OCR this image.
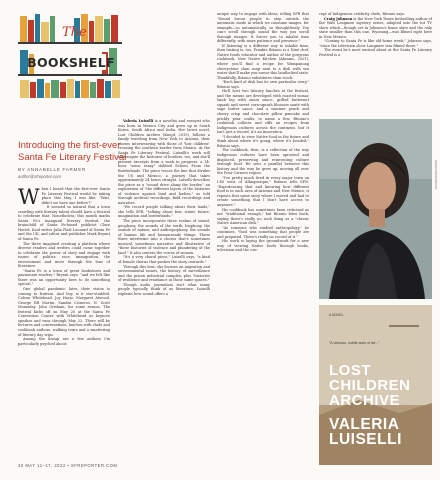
The
BOOKSHELF
Introducing the first-ever Santa Fe Literary Festival
BY ANNABELLE FARMER
author@sfreporter.com

When I heard that the first-ever Santa Fe Literary Festival would be taking place this May, I was like, "Wait, didn't we have one before?"

It seemed so natural that a town crawling with literary talent should have a festival to celebrate that. Nonetheless, this month marks Santa Fe's inaugural literary festival, the brainchild of Santa Fe-based publicist Clare Hertel, food writer Julia Platt Leonard of Santa Fe and the UK, and editor and publisher Mark Bryant of Santa Fe.

The three imagined creating a platform where diverse readers and writers could come together to celebrate the power of story and engage with issues of politics, race, immigration, the environment and more through the lens of literature.

"Santa Fe is a town of great bookstores and passionate readers," Bryant says, "and we felt like there was an opportunity here to do something special."

One global pandemic later, their vision is coming to fruition. And boy, is it star-studded. Colson Whitehead. Joy Harjo. Margaret Atwood. George RR Martin. Sandra Cisneros. N. Scott Momaday. John Grisham, for some reason. The festival kicks off on May 20 at the Santa Fe Convention Center with Whitehead as keynote speaker and runs through May 22. There will be lectures and conversations, lunches with chefs and cookbook authors, walking tours and a smattering of literary day trips.

Among the lineup are a few authors I'm particularly psyched about:

Valeria Luiselli is a novelist and essayist who was born in Mexico City and grew up in South Korea, South Africa and India. Her latest novel, Lost Children Archive (Knopf, 2019), follows a family traveling from New York to Arizona, their stories interweaving with those of "lost children" crossing the southern border from Mexico. At the Santa Fe Literary Festival, Luiselli's work will interrogate the histories of borders, too, and she'll present excerpts from a work in progress: a 24-hour "sonic essay" dubbed Echoes From the Borderlands. The piece traces the line that divides the US and Mexico, a journey that takes approximately 24 hours straight. Luiselli describes the piece as a "sound drive along the border," an exploration of "the different layers of the histories of violence against land and bodies," as told through archival recordings, field recordings and narrative.

"We record people talking about their lands," she tells SFR, "talking about fear, water, future, imagination and borderlands."

The piece incorporates three realms of sound: geophony, the sounds of the earth; biophony, the sounds of nature; and anthropophony, the sounds of human life and human-made things. These three intertwine into a chorus that's sometimes musical, sometimes narrative and illustrative of "these histories of violence and plundering of the land." It also centers the voices of women.

"It's a very choral piece," Luiselli says, "a kind of female chorus that pushes the story onwards."

Through this lens, she focuses on migration and environmental issues, the history of surveillance and the prison industrial complex, plus "histories of resilience and resistance in those same spaces."

Though audio journalism isn't what many people typically think of as literature, Luiselli explains how sound offers a

unique way to engage with ideas, telling SFR that "Sound forces people to step outside the automatic mode in which we consume images, for example—so automatically, so thoughtlessly. You can't scroll through sound the way you scroll through images. It forces you to inhabit time differently, with more patience and presence."

If listening is a different way to inhabit time, then tasting is, too. Frankie Bitonio is a Diné chef, Native foods educator and author of the gorgeous cookbook, New Native Kitchen (Abrams, 2021), where you'll find a recipe for Wampanoag cherrystone clam soup next to a dish with sea water that'll make you swear this landlocked state. Thankfully, Bitonio substitutes clam stock.

"Each kind of dish has its own particular story," Bitonio says.

He'll host two literary lunches at the festival, and the menus are developed with roasted sumac lamb leg with onion sauce, grilled butternut squash and sweet corn-squash blossom sauté with sage butter sauce, and a summer peach and cherry crisp and chocolate pillow pancake and prickly pear coulis, to name a few. Bitonio's cookbook collects and riffs on recipes from Indigenous cultures across the continent, but it isn't just a record, it's an innovation.

"I decided to view Native food in the future and think about where it's going, where it's headed," Bitonio says.

The cookbook, then, is a reflection of the way Indigenous cultures have been uprooted and displaced, preserving and reinventing culture through food. He sees a parallel between this history and the way he grew up, moving all over the Four Corners region.

"I've pretty much lived in every major town on I-40 west of Albuquerque," Bitonio tells SFR. "Experiencing that and knowing how different food is in each area of Arizona and New Mexico, it repeats that same story where I moved and had to create something that I don't have access to anymore."

His cookbook has sometimes been criticized as not "traditional enough," but Bitonio bites back, saying there's really no such thing as a "classic Native American dish."

"As someone who studied anthropology," he continues, "food was something that people ate and prepared. There's really no record of it."

His work is laying the groundwork for a new way of viewing Native foods through books, television and the con-

cept of Indigenous celebrity chefs, Bitonio says.

Craig Johnson is the New York Times bestselling author of the Walt Longmire mystery series, adapted into the hit TV show which—though set in Johnson's home state and the only state smaller than this one, Wyoming—was filmed right here in New Mexico.

"Coming to Santa Fe is like old-home week," Johnson says, "since the television show Longmire was filmed there."

The event he's most excited about at the Santa Fe Literary Festival is a

DIEGO BERRUECOS
A NOVEL
"A virtuoso, subtle work of art..."
LOST
CHILDREN
ARCHIVE
VALERIA
LUISELLI
30 MAY 11–17, 2022 • SFREPORTER.COM
